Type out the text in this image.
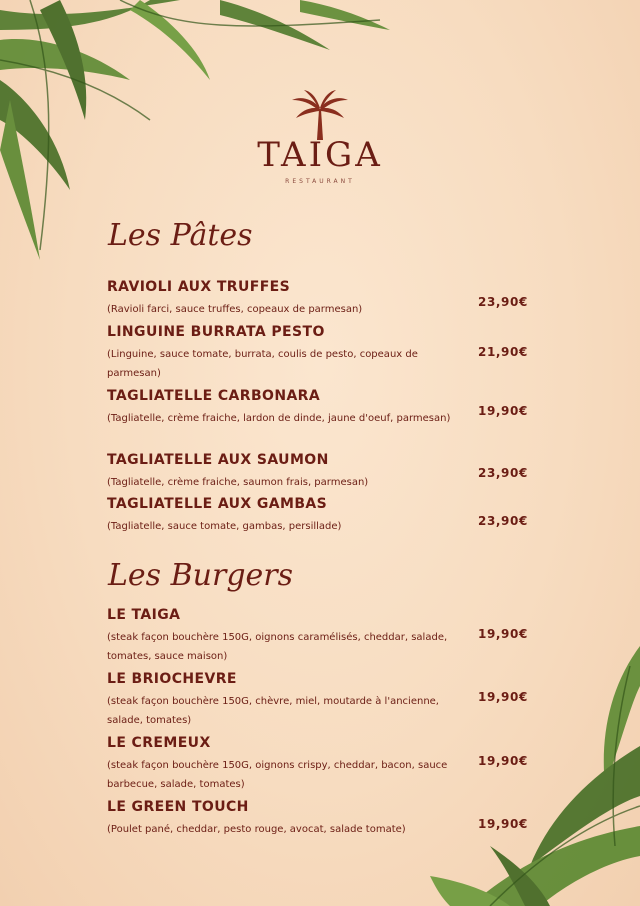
TAIGA
RESTAURANT
Les Pâtes
RAVIOLI AUX TRUFFES
(Ravioli farci, sauce truffes, copeaux de parmesan)
23,90€
LINGUINE BURRATA PESTO
(Linguine, sauce tomate, burrata, coulis de pesto, copeaux de parmesan)
21,90€
TAGLIATELLE CARBONARA
(Tagliatelle, crème fraiche, lardon de dinde, jaune d'oeuf, parmesan)
19,90€
TAGLIATELLE AUX SAUMON
(Tagliatelle, crème fraiche, saumon frais, parmesan)
23,90€
TAGLIATELLE AUX GAMBAS
(Tagliatelle, sauce tomate, gambas, persillade)	23,90€
Les Burgers
LE TAIGA
(steak façon bouchère 150G, oignons caramélisés, cheddar, salade, tomates, sauce maison)
19,90€
LE BRIOCHEVRE
(steak façon bouchère 150G, chèvre, miel, moutarde à l'ancienne, salade, tomates)
19,90€
LE CREMEUX
(steak façon bouchère 150G, oignons crispy, cheddar, bacon, sauce barbecue, salade, tomates)
19,90€
LE GREEN TOUCH
(Poulet pané, cheddar, pesto rouge, avocat, salade tomate)	19,90€
